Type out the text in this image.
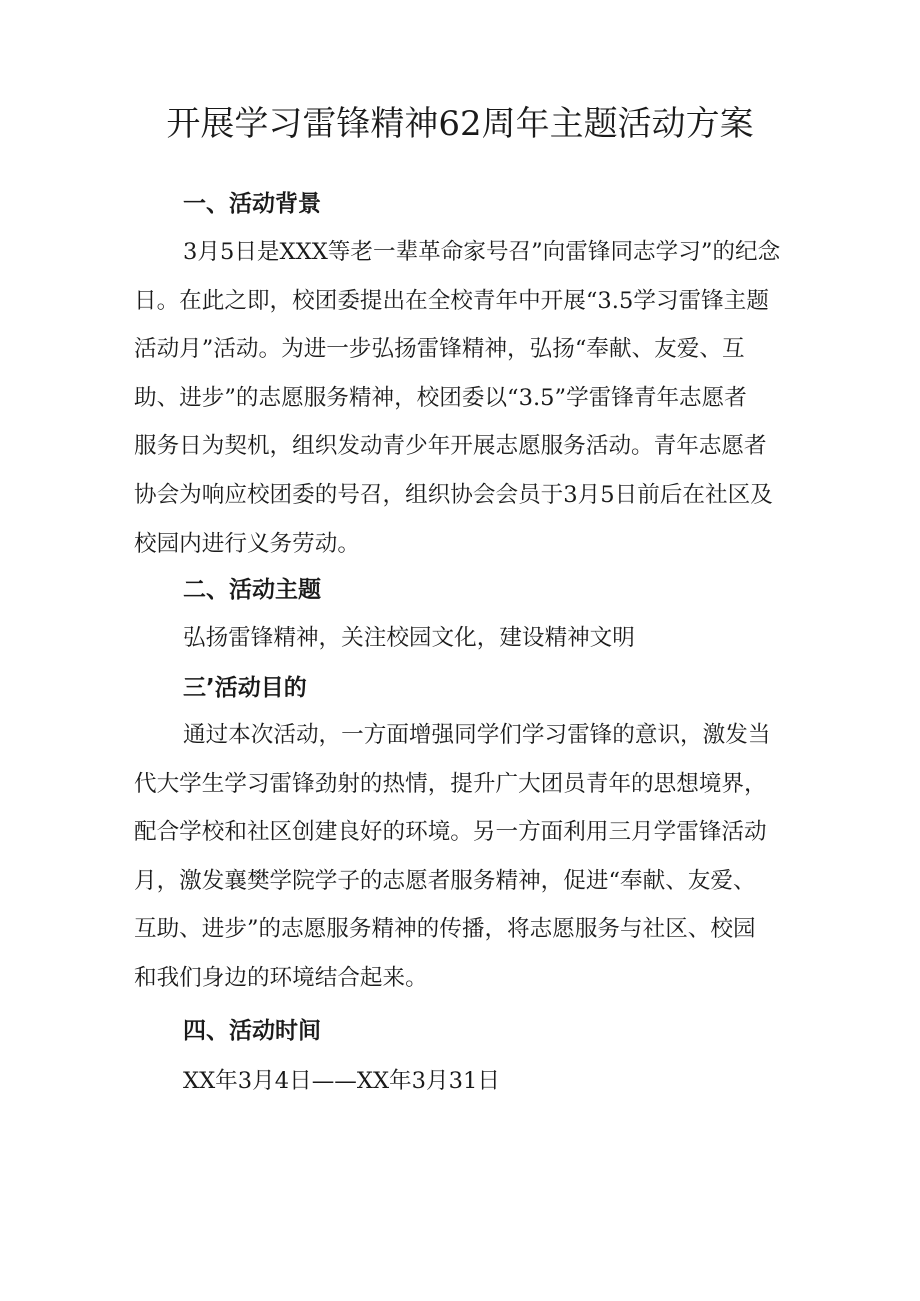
开展学习雷锋精神62周年主题活动方案
一、活动背景
3月5日是XXX等老一辈革命家号召”向雷锋同志学习”的纪念
日。在此之即，校团委提出在全校青年中开展“3.5学习雷锋主题
活动月”活动。为进一步弘扬雷锋精神，弘扬“奉献、友爱、互
助、进步”的志愿服务精神，校团委以“3.5”学雷锋青年志愿者
服务日为契机，组织发动青少年开展志愿服务活动。青年志愿者
协会为响应校团委的号召，组织协会会员于3月5日前后在社区及
校园内进行义务劳动。
二、活动主题
弘扬雷锋精神，关注校园文化，建设精神文明
三’活动目的
通过本次活动，一方面增强同学们学习雷锋的意识，激发当
代大学生学习雷锋劲射的热情，提升广大团员青年的思想境界，
配合学校和社区创建良好的环境。另一方面利用三月学雷锋活动
月，激发襄樊学院学子的志愿者服务精神，促进“奉献、友爱、
互助、进步”的志愿服务精神的传播，将志愿服务与社区、校园
和我们身边的环境结合起来。
四、活动时间
XX年3月4日——XX年3月31日
